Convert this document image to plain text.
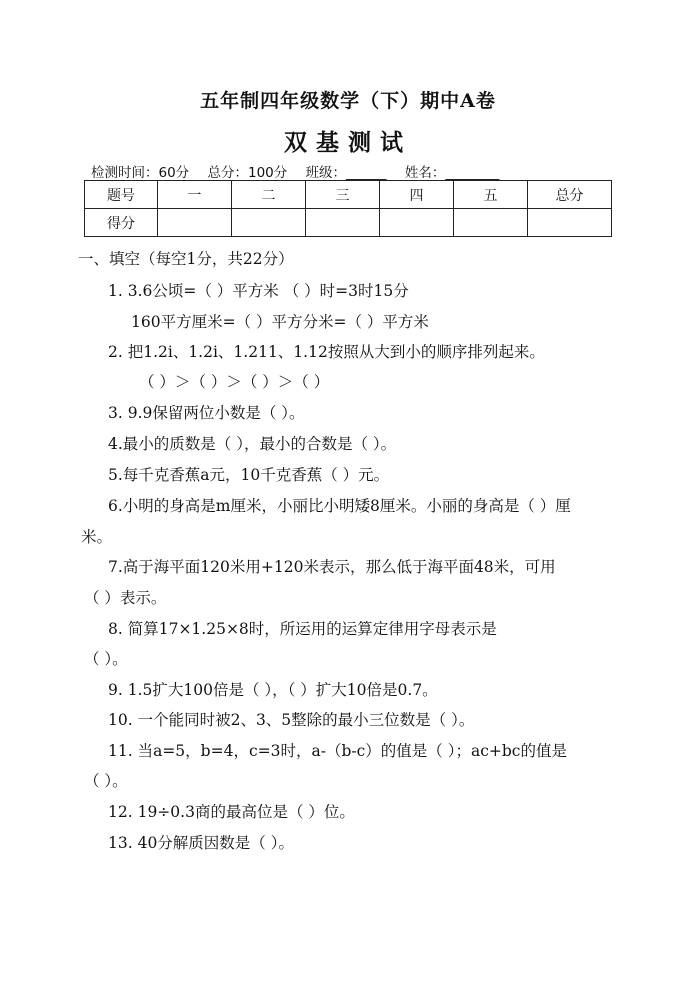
五年制四年级数学（下）期中A卷
双基测试
检测时间：60分 总分：100分 班级：______ 姓名：________
题号	一	二	三	四	五	总分
得分						
一、填空（每空1分，共22分）
1. 3.6公顷=（ ）平方米 （ ）时=3时15分
160平方厘米=（ ）平方分米=（ ）平方米
2. 把1.2i、1.2i、1.211、1.12按照从大到小的顺序排列起来。
（ ）＞（ ）＞（ ）＞（ ）
3. 9.9保留两位小数是（ ）。
4.最小的质数是（ ），最小的合数是（ ）。
5.每千克香蕉a元，10千克香蕉（ ）元。
6.小明的身高是m厘米，小丽比小明矮8厘米。小丽的身高是（ ）厘
米。
7.高于海平面120米用+120米表示，那么低于海平面48米，可用
（ ）表示。
8. 简算17×1.25×8时，所运用的运算定律用字母表示是
（ ）。
9. 1.5扩大100倍是（ ），（ ）扩大10倍是0.7。
10. 一个能同时被2、3、5整除的最小三位数是（ ）。
11. 当a=5，b=4，c=3时，a-（b-c）的值是（ ）；ac+bc的值是
（ ）。
12. 19÷0.3商的最高位是（ ）位。
13. 40分解质因数是（ ）。
